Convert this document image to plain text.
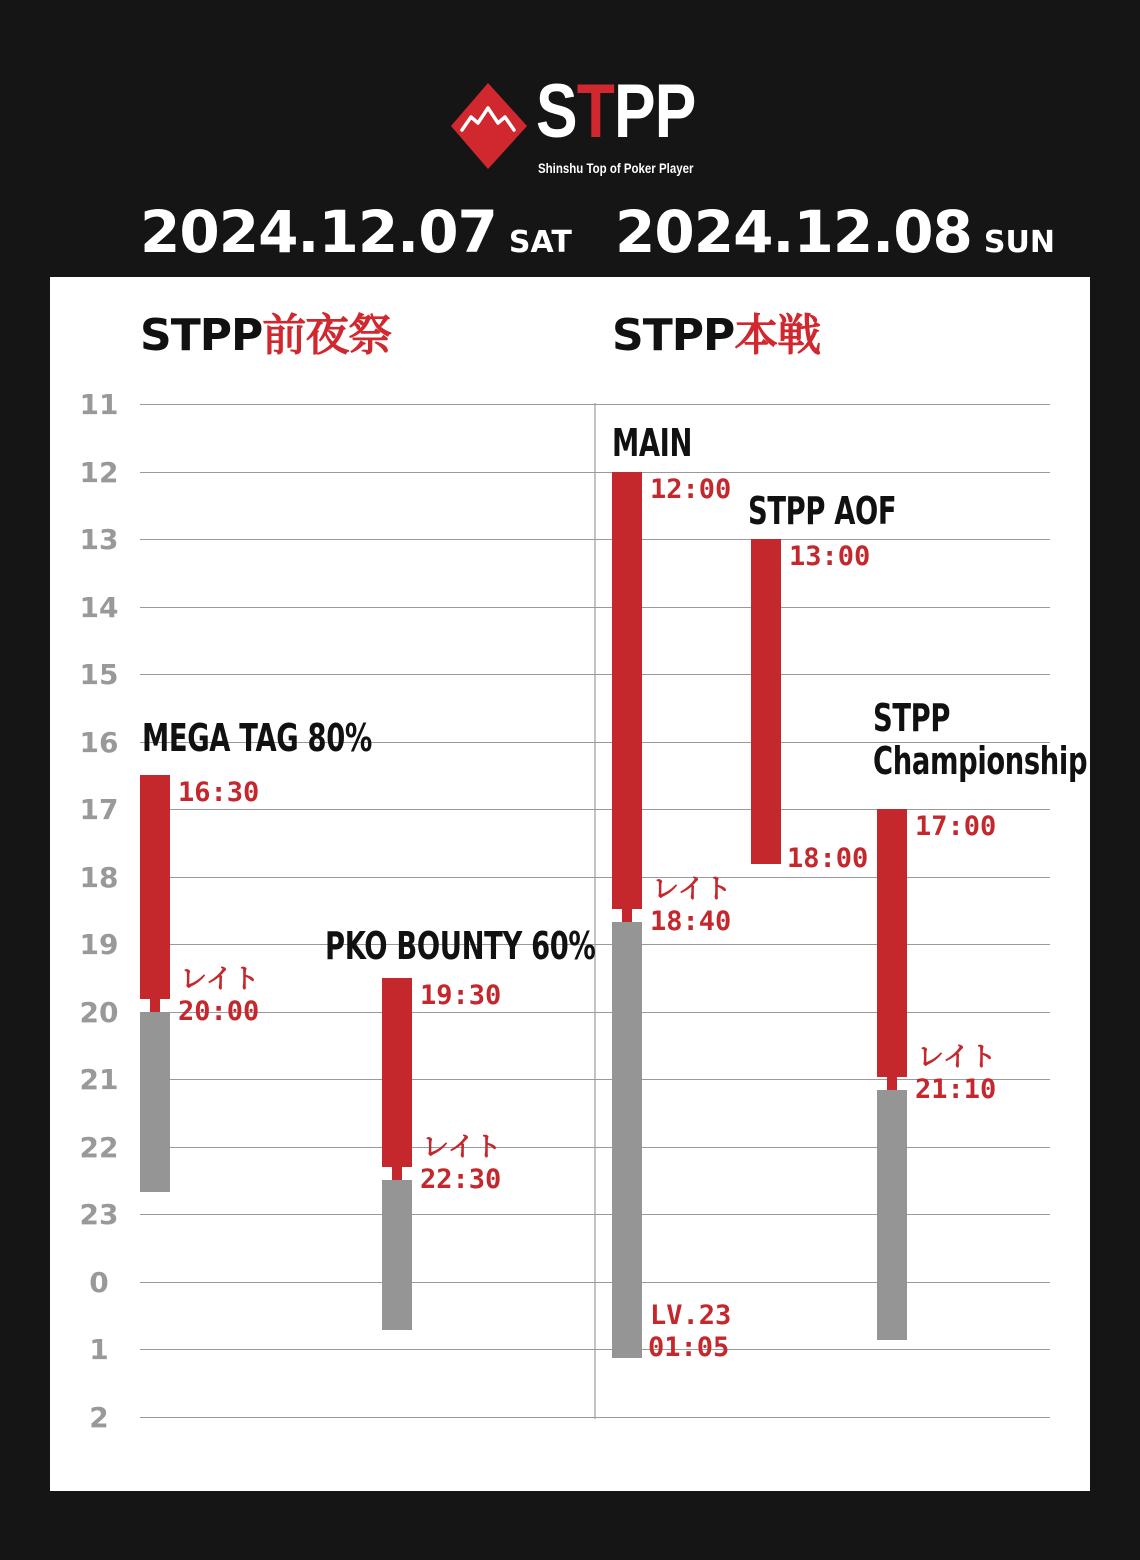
STPP
Shinshu Top of Poker Player
2024.12.07 SAT 2024.12.08 SUN
STPP前夜祭	STPP本戦
11
12
13
14
15
16
17
18
19
20
21
22
23
0
1
2
MEGA TAG 80%
16:30
レイト
20:00
PKO BOUNTY 60%
19:30
レイト
22:30
MAIN
12:00
レイト
18:40
LV.23
01:05
STPP AOF
13:00
18:00
STPP
Championship
17:00
レイト
21:10
